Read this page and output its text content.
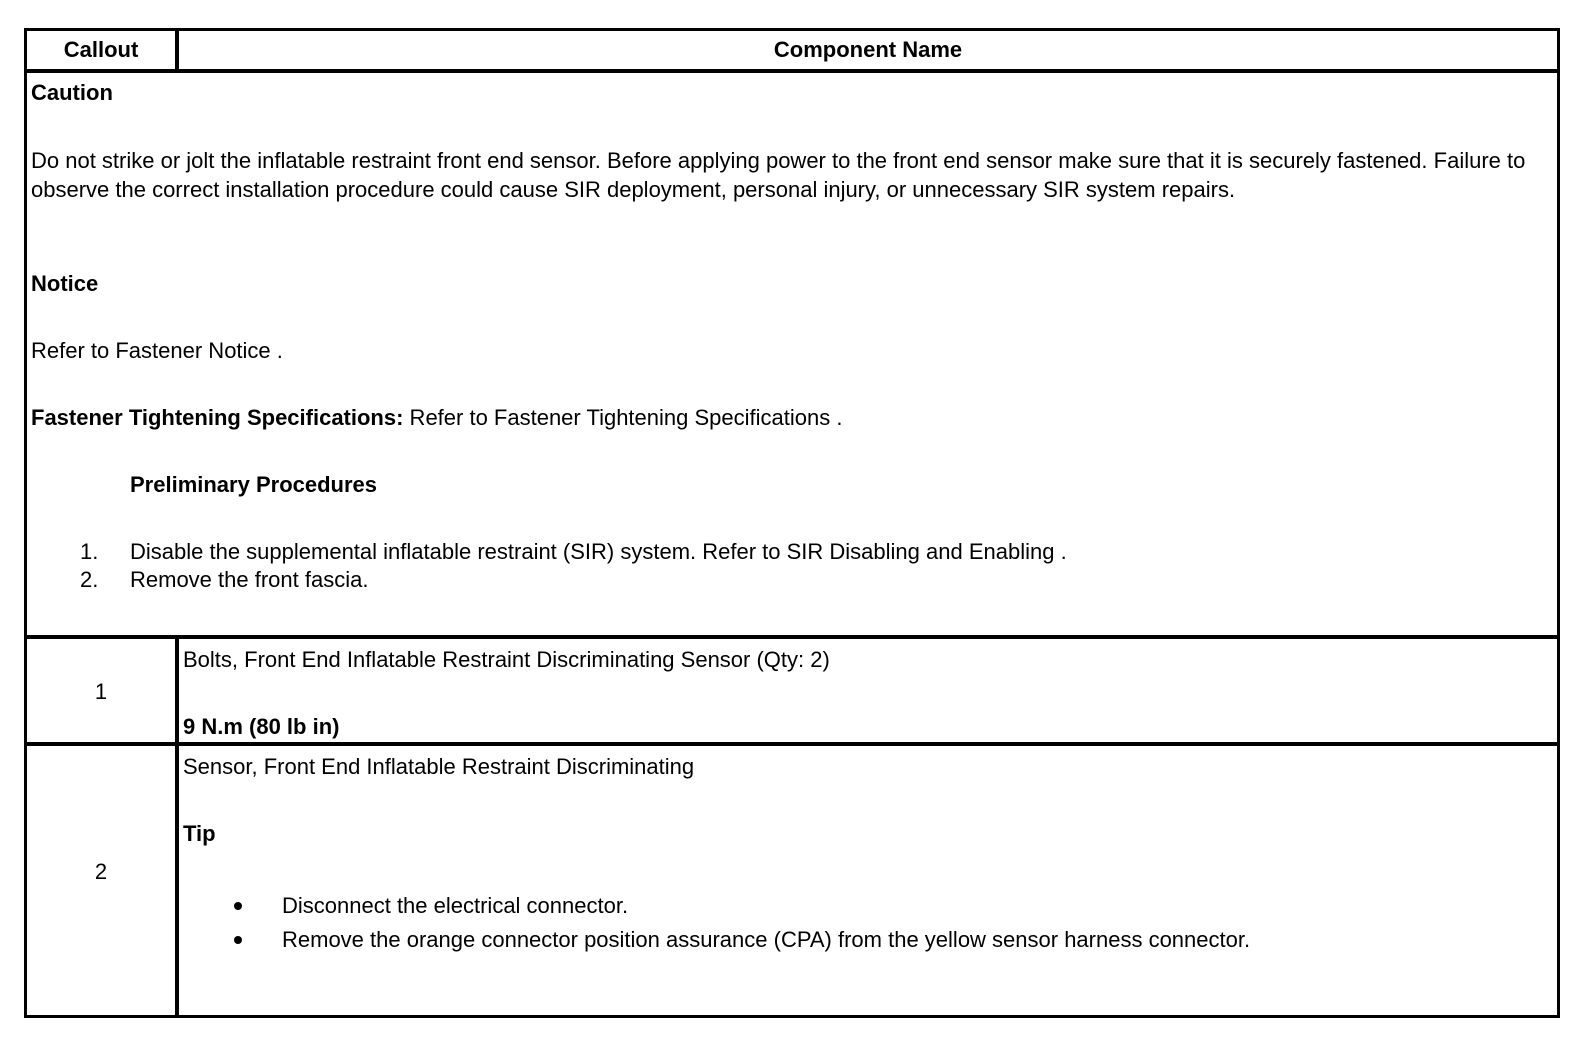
Callout	Component Name
Caution
Do not strike or jolt the inflatable restraint front end sensor. Before applying power to the front end sensor make sure that it is securely fastened. Failure to observe the correct installation procedure could cause SIR deployment, personal injury, or unnecessary SIR system repairs.
Notice
Refer to Fastener Notice .
Fastener Tightening Specifications: Refer to Fastener Tightening Specifications .
Preliminary Procedures
1. Disable the supplemental inflatable restraint (SIR) system. Refer to SIR Disabling and Enabling .
2. Remove the front fascia.
1
Bolts, Front End Inflatable Restraint Discriminating Sensor (Qty: 2)
9 N.m (80 lb in)
2
Sensor, Front End Inflatable Restraint Discriminating
Tip
Disconnect the electrical connector.
Remove the orange connector position assurance (CPA) from the yellow sensor harness connector.
